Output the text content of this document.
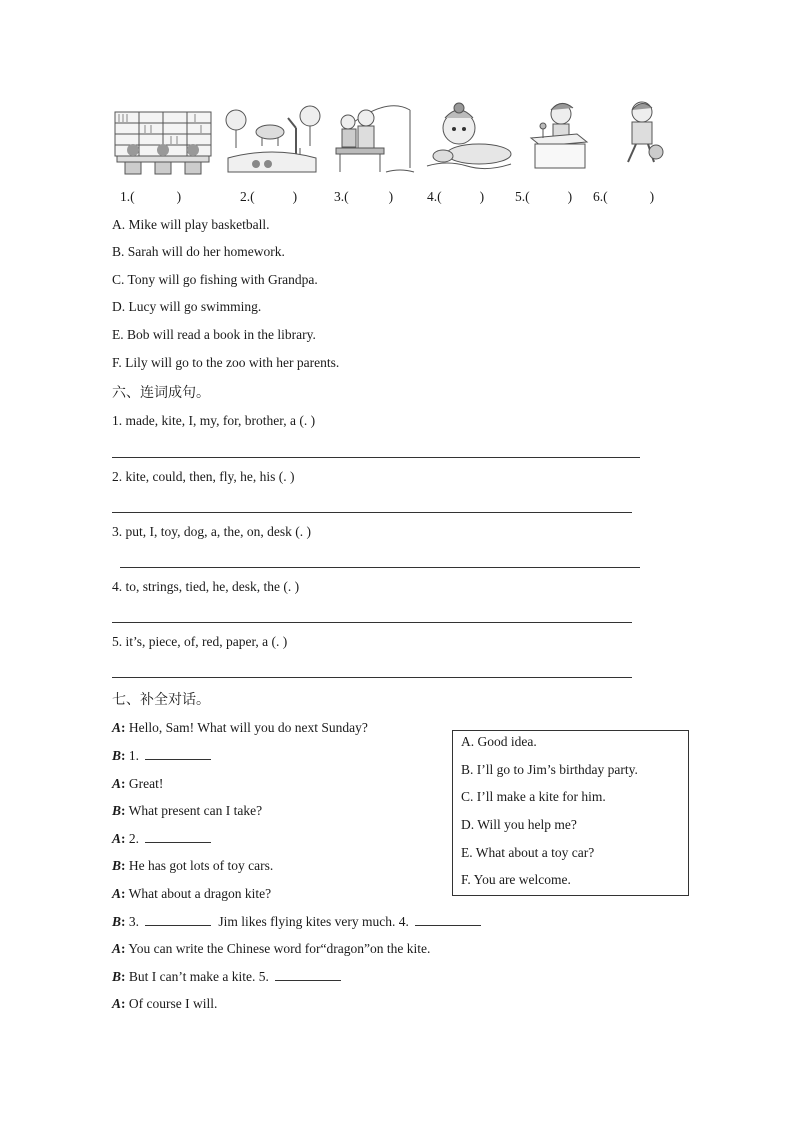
1.(	)	2.(	)	3.(	)	4.(	) 5.(	) 6.(	)
A. Mike will play basketball.
B. Sarah will do her homework.
C. Tony will go fishing with Grandpa.
D. Lucy will go swimming.
E. Bob will read a book in the library.
F. Lily will go to the zoo with her parents.
六、连词成句。
1. made, kite, I, my, for, brother, a (. )
2. kite, could, then, fly, he, his (. )
3. put, I, toy, dog, a, the, on, desk (. )
4. to, strings, tied, he, desk, the (. )
5. it’s, piece, of, red, paper, a (. )
七、补全对话。
A: Hello, Sam! What will you do next Sunday?
B: 1.
A: Great!
B: What present can I take?
A: 2.
B: He has got lots of toy cars.
A: What about a dragon kite?
B: 3.	Jim likes flying kites very much. 4.
A: You can write the Chinese word for“dragon”on the kite.
B: But I can’t make a kite. 5.
A: Of course I will.
A. Good idea.
B. I’ll go to Jim’s birthday party.
C. I’ll make a kite for him.
D. Will you help me?
E. What about a toy car?
F. You are welcome.
